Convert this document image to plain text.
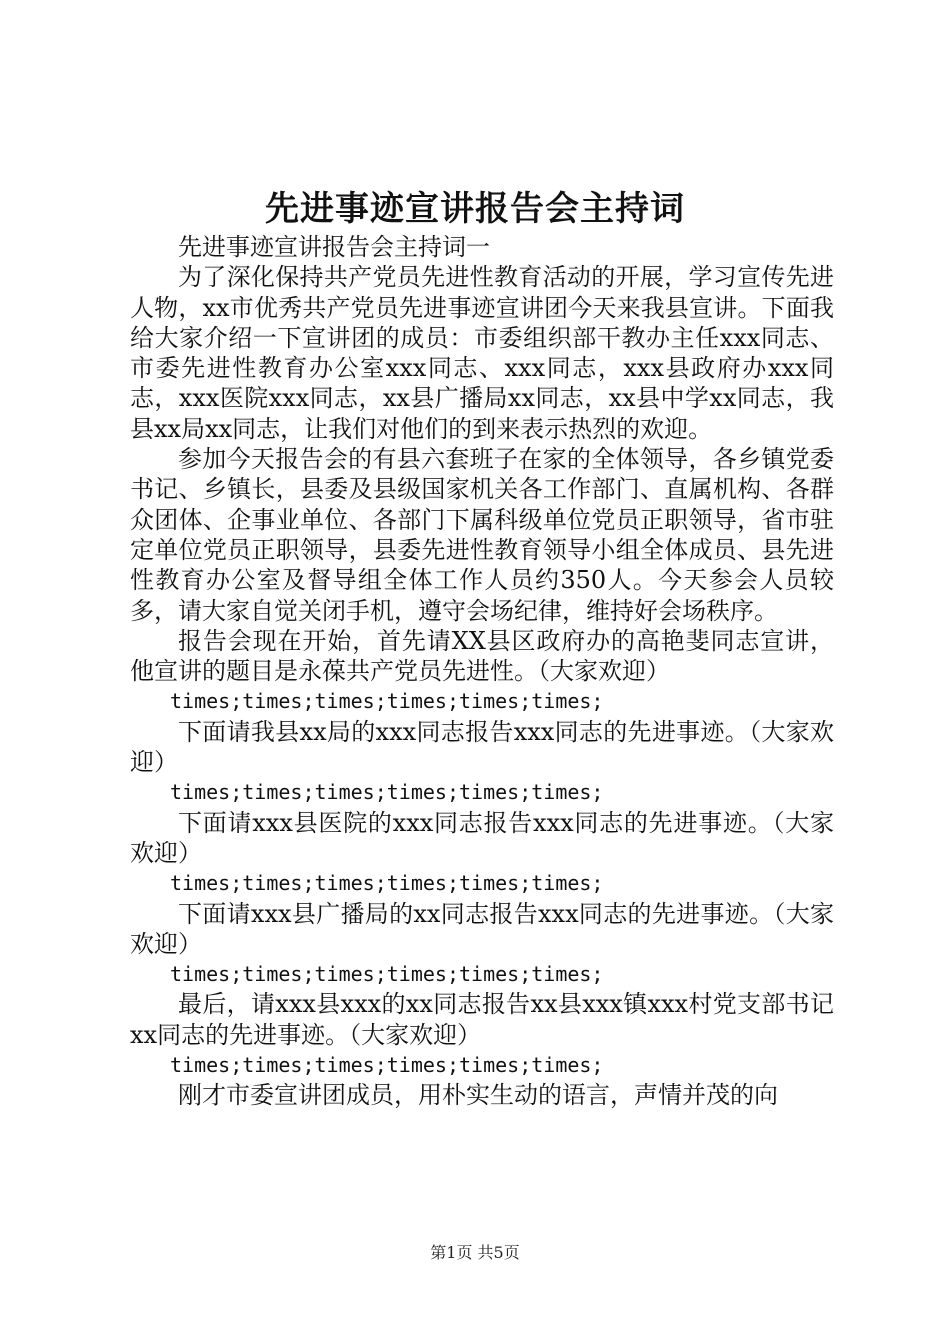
先进事迹宣讲报告会主持词

先进事迹宣讲报告会主持词一

为了深化保持共产党员先进性教育活动的开展，学习宣传先进人物，xx市优秀共产党员先进事迹宣讲团今天来我县宣讲。下面我给大家介绍一下宣讲团的成员：市委组织部干教办主任xxx同志、市委先进性教育办公室xxx同志、xxx同志，xxx县政府办xxx同志，xxx医院xxx同志，xx县广播局xx同志，xx县中学xx同志，我县xx局xx同志，让我们对他们的到来表示热烈的欢迎。

参加今天报告会的有县六套班子在家的全体领导，各乡镇党委书记、乡镇长，县委及县级国家机关各工作部门、直属机构、各群众团体、企事业单位、各部门下属科级单位党员正职领导，省市驻定单位党员正职领导，县委先进性教育领导小组全体成员、县先进性教育办公室及督导组全体工作人员约350人。今天参会人员较多，请大家自觉关闭手机，遵守会场纪律，维持好会场秩序。

报告会现在开始，首先请XX县区政府办的高艳斐同志宣讲，他宣讲的题目是永葆共产党员先进性。（大家欢迎）

times;times;times;times;times;times;

下面请我县xx局的xxx同志报告xxx同志的先进事迹。（大家欢迎）

times;times;times;times;times;times;

下面请xxx县医院的xxx同志报告xxx同志的先进事迹。（大家欢迎）

times;times;times;times;times;times;

下面请xxx县广播局的xx同志报告xxx同志的先进事迹。（大家欢迎）

times;times;times;times;times;times;

最后，请xxx县xxx的xx同志报告xx县xxx镇xxx村党支部书记xx同志的先进事迹。（大家欢迎）

times;times;times;times;times;times;

刚才市委宣讲团成员，用朴实生动的语言，声情并茂的向

第1页 共5页
